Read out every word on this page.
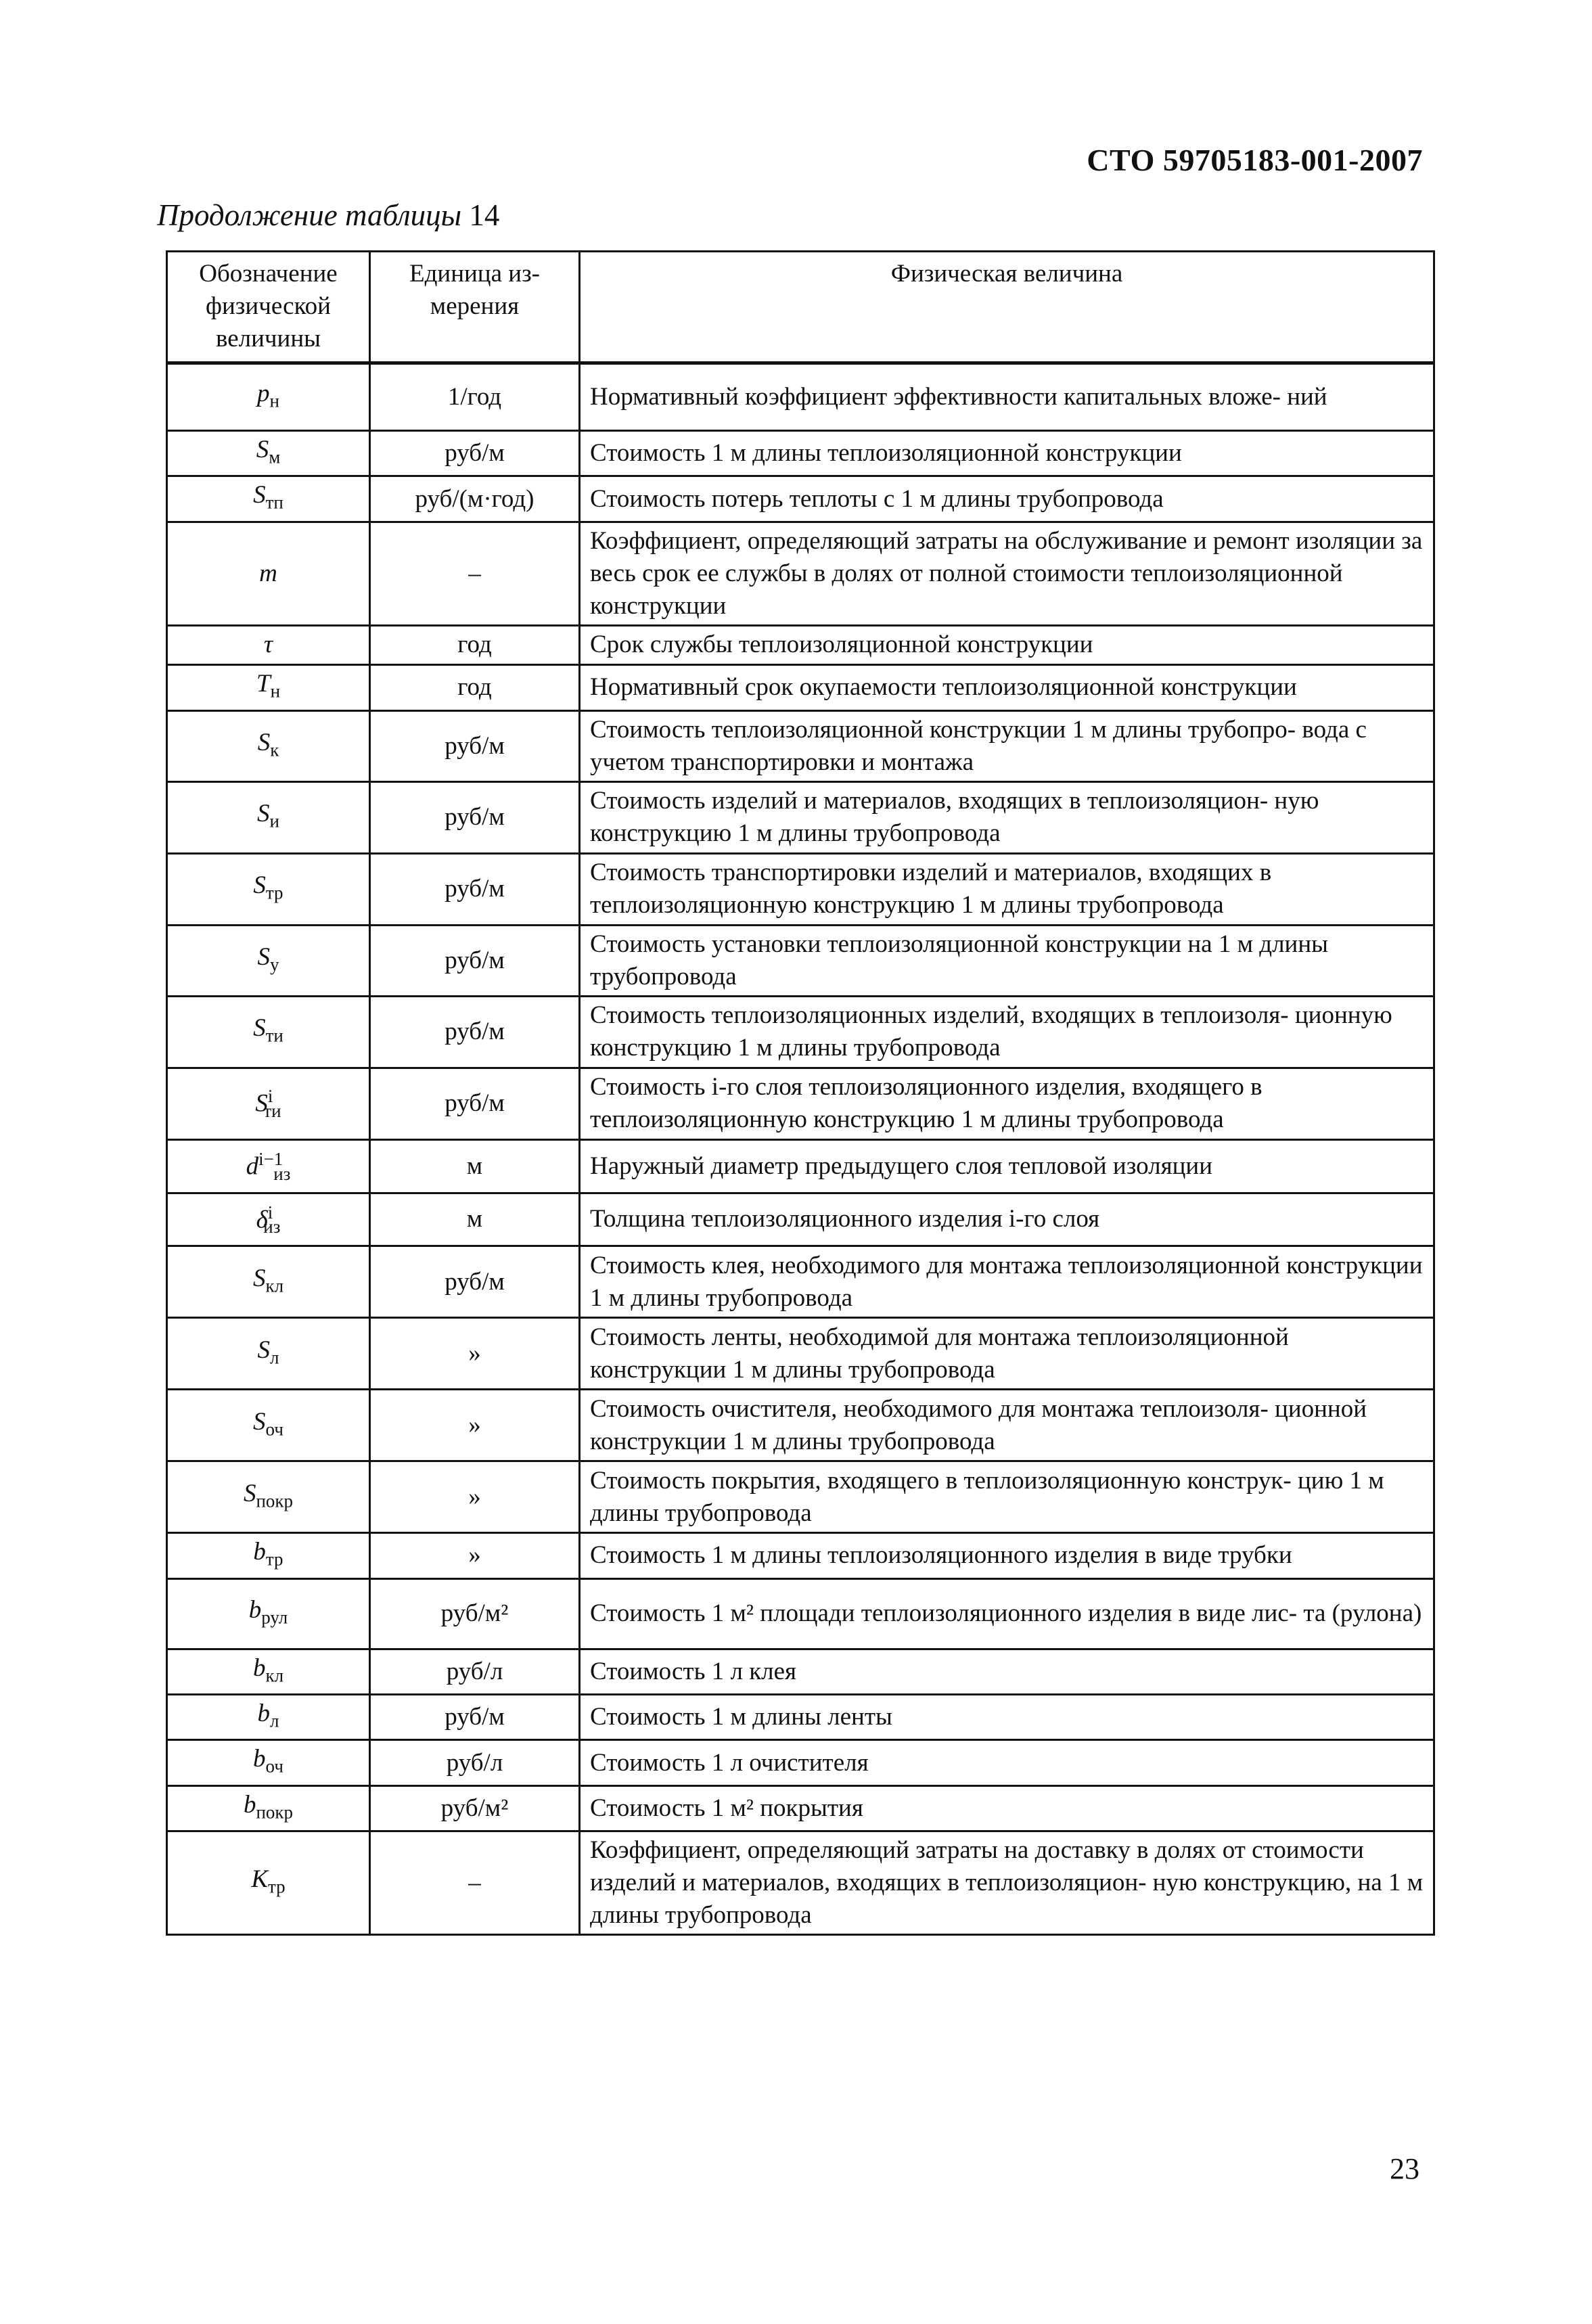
СТО 59705183-001-2007
Продолжение таблицы 14
Обозначение физической величины	Единица из- мерения	Физическая величина
$p_н$	1/год	Нормативный коэффициент эффективности капитальных вложе- ний
$S_м$	руб/м	Стоимость 1 м длины теплоизоляционной конструкции
$S_{тп}$	руб/(м·год)	Стоимость потерь теплоты с 1 м длины трубопровода
m	–	Коэффициент, определяющий затраты на обслуживание и ремонт изоляции за весь срок ее службы в долях от полной стоимости теплоизоляционной конструкции
τ	год	Срок службы теплоизоляционной конструкции
$T_н$	год	Нормативный срок окупаемости теплоизоляционной конструкции
$S_к$	руб/м	Стоимость теплоизоляционной конструкции 1 м длины трубопро- вода с учетом транспортировки и монтажа
$S_и$	руб/м	Стоимость изделий и материалов, входящих в теплоизоляцион- ную конструкцию 1 м длины трубопровода
$S_{тр}$	руб/м	Стоимость транспортировки изделий и материалов, входящих в теплоизоляционную конструкцию 1 м длины трубопровода
$S_у$	руб/м	Стоимость установки теплоизоляционной конструкции на 1 м длины трубопровода
$S_{ти}$	руб/м	Стоимость теплоизоляционных изделий, входящих в теплоизоля- ционную конструкцию 1 м длины трубопровода
$S^i_{ти}$	руб/м	Стоимость i-го слоя теплоизоляционного изделия, входящего в теплоизоляционную конструкцию 1 м длины трубопровода
$d^{i-1}_{из}$	м	Наружный диаметр предыдущего слоя тепловой изоляции
$\delta^i_{из}$	м	Толщина теплоизоляционного изделия i-го слоя
$S_{кл}$	руб/м	Стоимость клея, необходимого для монтажа теплоизоляционной конструкции 1 м длины трубопровода
$S_л$	»	Стоимость ленты, необходимой для монтажа теплоизоляционной конструкции 1 м длины трубопровода
$S_{оч}$	»	Стоимость очистителя, необходимого для монтажа теплоизоля- ционной конструкции 1 м длины трубопровода
$S_{покр}$	»	Стоимость покрытия, входящего в теплоизоляционную конструк- цию 1 м длины трубопровода
$b_{тр}$	»	Стоимость 1 м длины теплоизоляционного изделия в виде трубки
$b_{рул}$	руб/м²	Стоимость 1 м² площади теплоизоляционного изделия в виде лис- та (рулона)
$b_{кл}$	руб/л	Стоимость 1 л клея
$b_л$	руб/м	Стоимость 1 м длины ленты
$b_{оч}$	руб/л	Стоимость 1 л очистителя
$b_{покр}$	руб/м²	Стоимость 1 м² покрытия
$K_{тр}$	–	Коэффициент, определяющий затраты на доставку в долях от стоимости изделий и материалов, входящих в теплоизоляцион- ную конструкцию, на 1 м длины трубопровода
23
